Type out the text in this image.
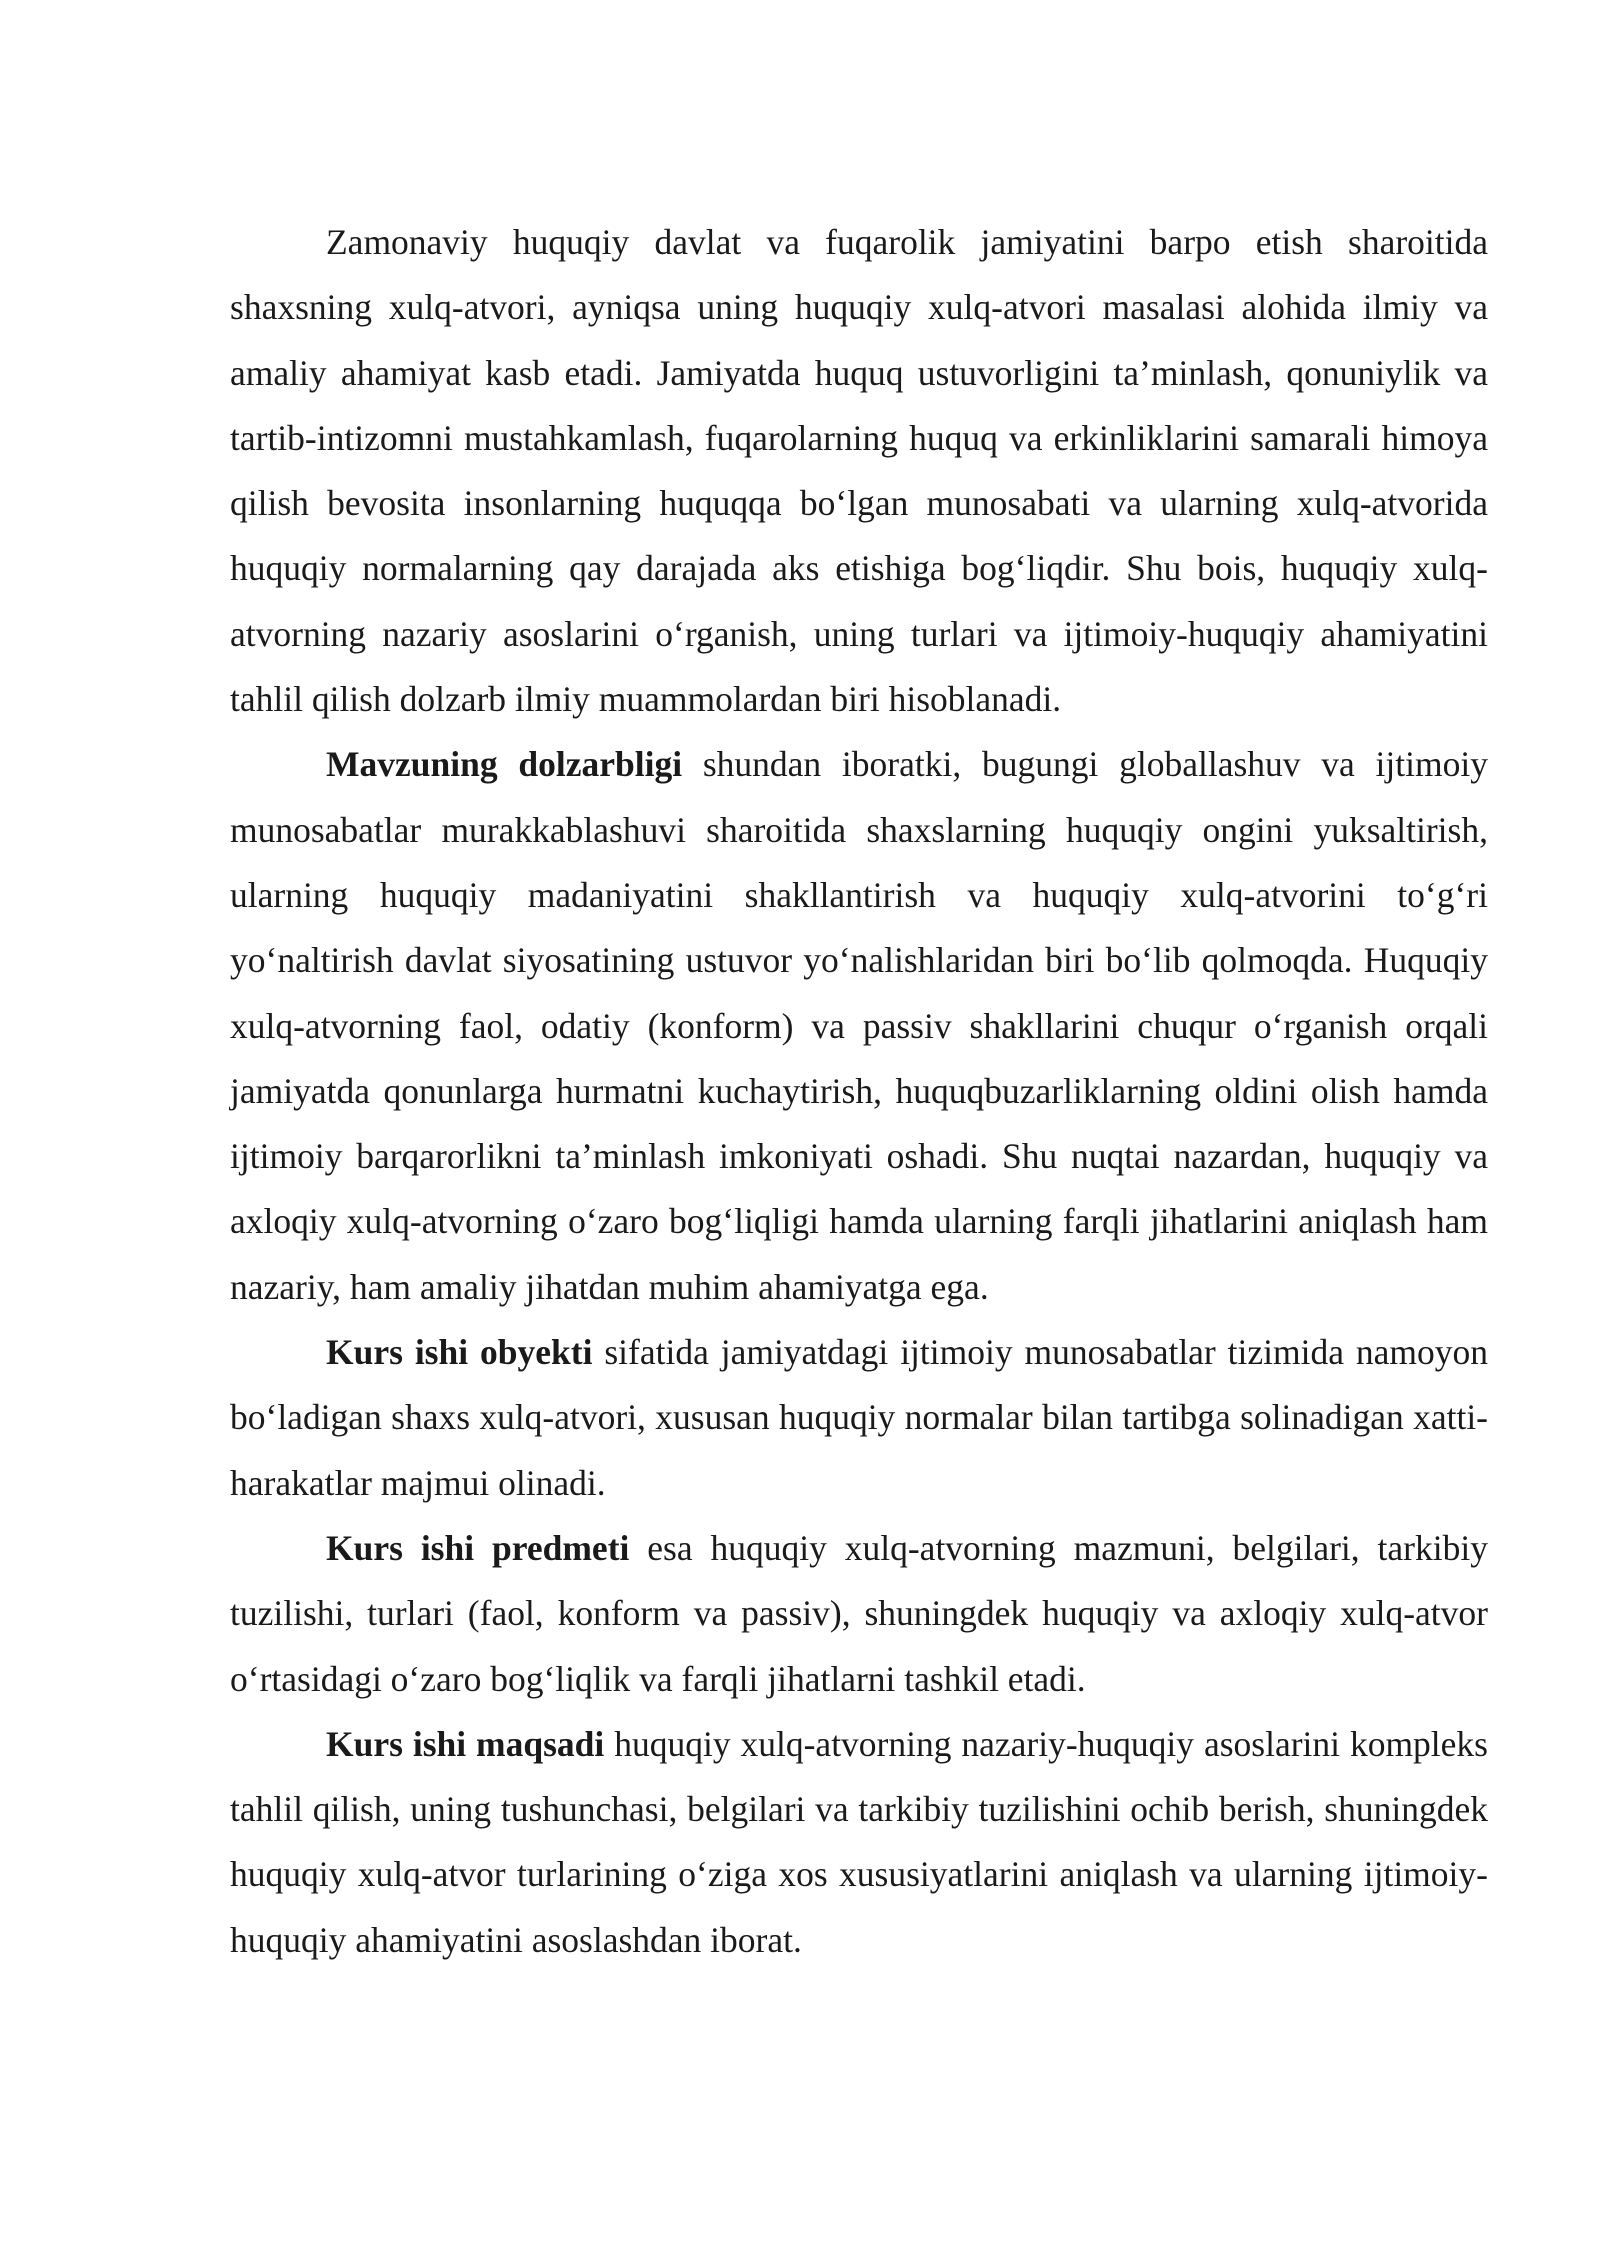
Zamonaviy huquqiy davlat va fuqarolik jamiyatini barpo etish sharoitida shaxsning xulq-atvori, ayniqsa uning huquqiy xulq-atvori masalasi alohida ilmiy va amaliy ahamiyat kasb etadi. Jamiyatda huquq ustuvorligini ta’minlash, qonuniylik va tartib-intizomni mustahkamlash, fuqarolarning huquq va erkinliklarini samarali himoya qilish bevosita insonlarning huquqqa bo‘lgan munosabati va ularning xulq-atvorida huquqiy normalarning qay darajada aks etishiga bog‘liqdir. Shu bois, huquqiy xulq-atvorning nazariy asoslarini o‘rganish, uning turlari va ijtimoiy-huquqiy ahamiyatini tahlil qilish dolzarb ilmiy muammolardan biri hisoblanadi.

Mavzuning dolzarbligi shundan iboratki, bugungi globallashuv va ijtimoiy munosabatlar murakkablashuvi sharoitida shaxslarning huquqiy ongini yuksaltirish, ularning huquqiy madaniyatini shakllantirish va huquqiy xulq-atvorini to‘g‘ri yo‘naltirish davlat siyosatining ustuvor yo‘nalishlaridan biri bo‘lib qolmoqda. Huquqiy xulq-atvorning faol, odatiy (konform) va passiv shakllarini chuqur o‘rganish orqali jamiyatda qonunlarga hurmatni kuchaytirish, huquqbuzarliklarning oldini olish hamda ijtimoiy barqarorlikni ta’minlash imkoniyati oshadi. Shu nuqtai nazardan, huquqiy va axloqiy xulq-atvorning o‘zaro bog‘liqligi hamda ularning farqli jihatlarini aniqlash ham nazariy, ham amaliy jihatdan muhim ahamiyatga ega.

Kurs ishi obyekti sifatida jamiyatdagi ijtimoiy munosabatlar tizimida namoyon bo‘ladigan shaxs xulq-atvori, xususan huquqiy normalar bilan tartibga solinadigan xatti-harakatlar majmui olinadi.

Kurs ishi predmeti esa huquqiy xulq-atvorning mazmuni, belgilari, tarkibiy tuzilishi, turlari (faol, konform va passiv), shuningdek huquqiy va axloqiy xulq-atvor o‘rtasidagi o‘zaro bog‘liqlik va farqli jihatlarni tashkil etadi.

Kurs ishi maqsadi huquqiy xulq-atvorning nazariy-huquqiy asoslarini kompleks tahlil qilish, uning tushunchasi, belgilari va tarkibiy tuzilishini ochib berish, shuningdek huquqiy xulq-atvor turlarining o‘ziga xos xususiyatlarini aniqlash va ularning ijtimoiy-huquqiy ahamiyatini asoslashdan iborat.
